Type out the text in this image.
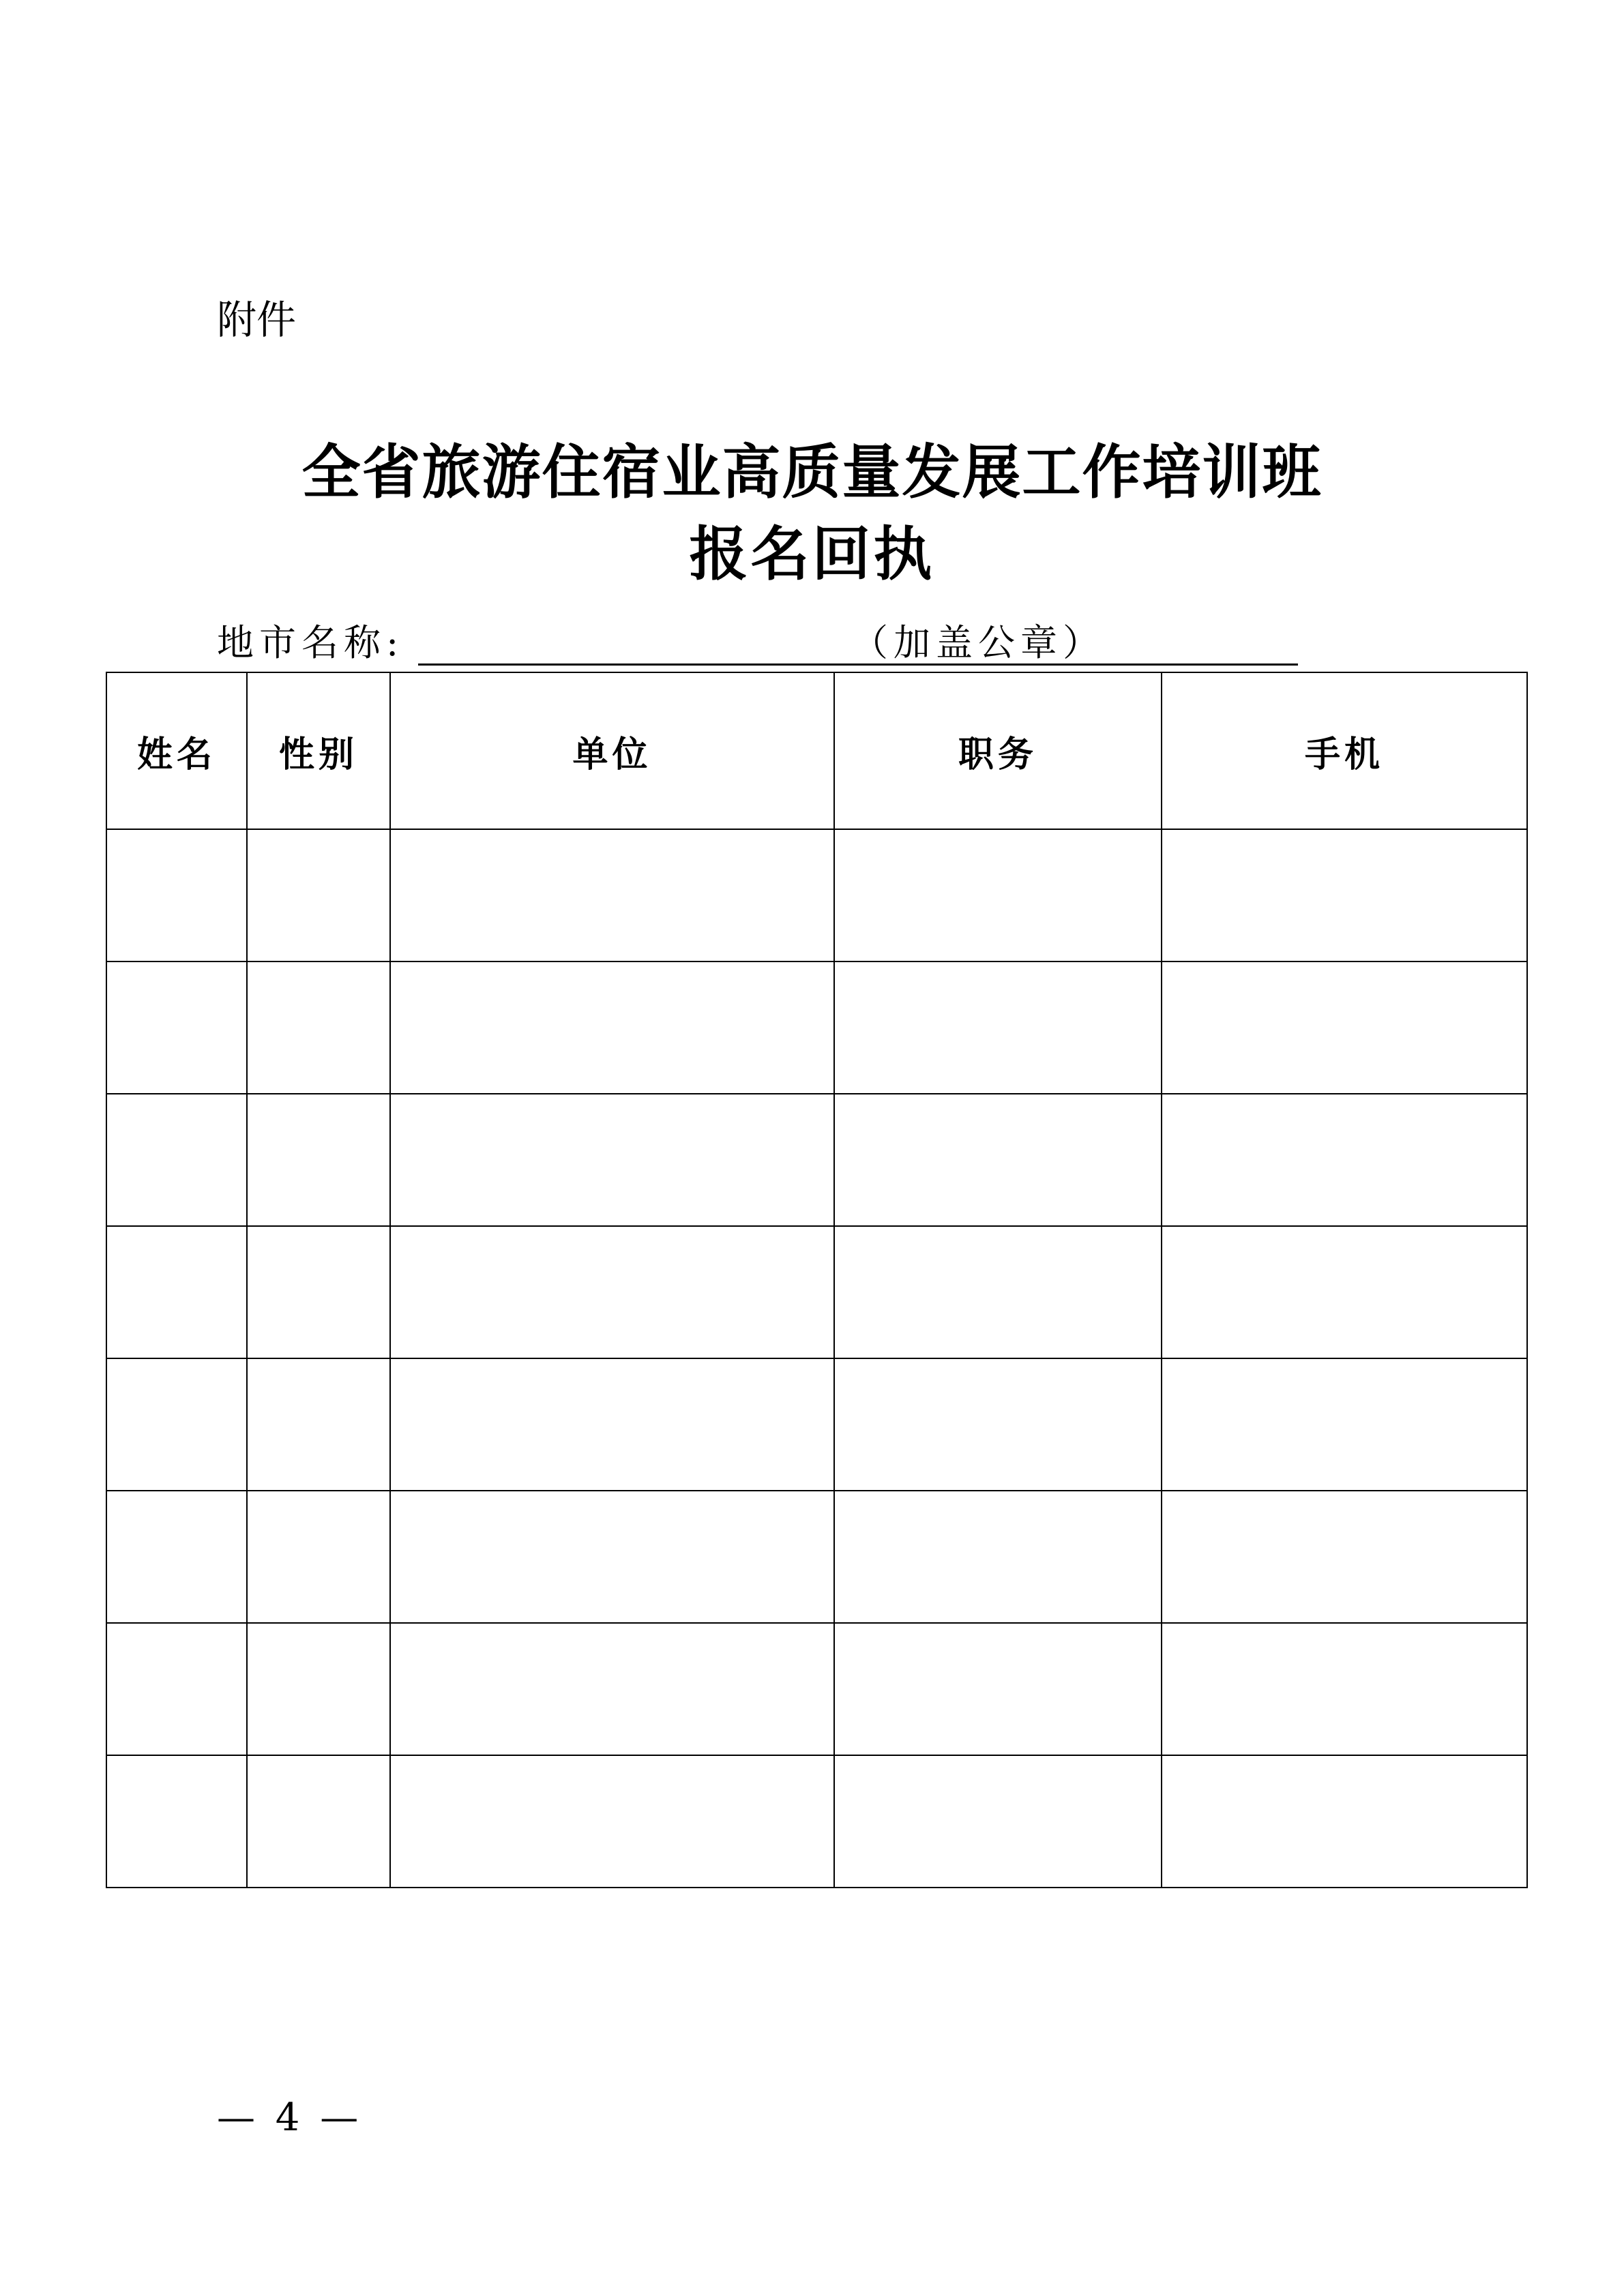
附件
全省旅游住宿业高质量发展工作培训班
报名回执
地市名称:	（加盖公章）
姓名	性别	单位	职务	手机

— 4 —
